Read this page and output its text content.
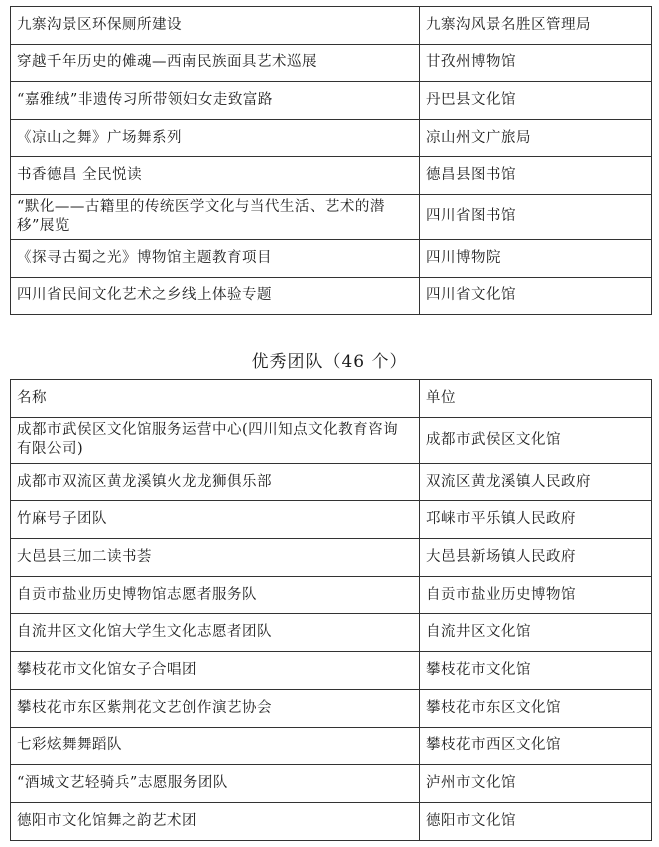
九寨沟景区环保厕所建设	九寨沟风景名胜区管理局
穿越千年历史的傩魂—西南民族面具艺术巡展	甘孜州博物馆
“嘉雅绒”非遗传习所带领妇女走致富路	丹巴县文化馆
《凉山之舞》广场舞系列	凉山州文广旅局
书香德昌 全民悦读	德昌县图书馆
“默化——古籍里的传统医学文化与当代生活、艺术的潜移”展览	四川省图书馆
《探寻古蜀之光》博物馆主题教育项目	四川博物院
四川省民间文化艺术之乡线上体验专题	四川省文化馆
优秀团队（46 个）
名称	单位
成都市武侯区文化馆服务运营中心(四川知点文化教育咨询有限公司)	成都市武侯区文化馆
成都市双流区黄龙溪镇火龙龙狮俱乐部	双流区黄龙溪镇人民政府
竹麻号子团队	邛崃市平乐镇人民政府
大邑县三加二读书荟	大邑县新场镇人民政府
自贡市盐业历史博物馆志愿者服务队	自贡市盐业历史博物馆
自流井区文化馆大学生文化志愿者团队	自流井区文化馆
攀枝花市文化馆女子合唱团	攀枝花市文化馆
攀枝花市东区紫荆花文艺创作演艺协会	攀枝花市东区文化馆
七彩炫舞舞蹈队	攀枝花市西区文化馆
“酒城文艺轻骑兵”志愿服务团队	泸州市文化馆
德阳市文化馆舞之韵艺术团	德阳市文化馆
